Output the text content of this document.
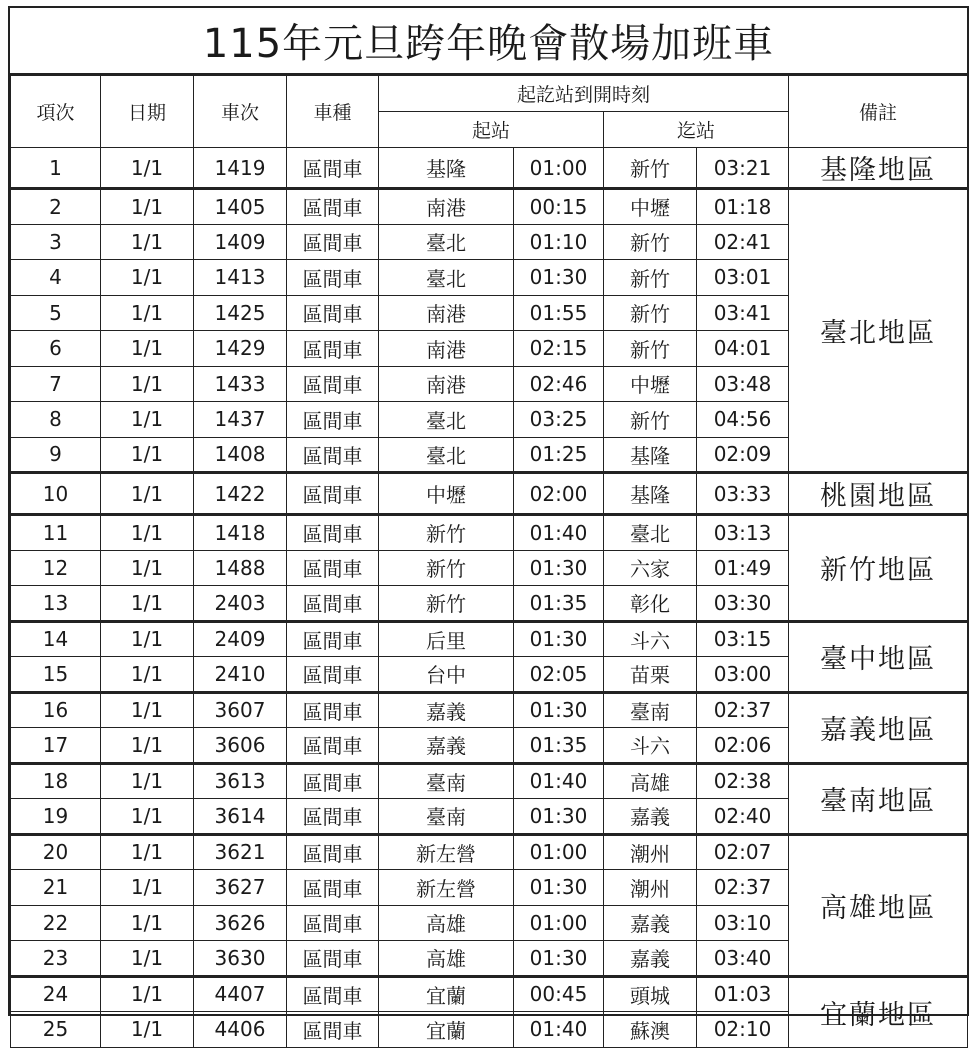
115年元旦跨年晚會散場加班車
項次	日期	車次	車種	起訖站到開時刻				備註
				起站		迄站		
1	1/1	1419	區間車	基隆	01:00	新竹	03:21	基隆地區
2	1/1	1405	區間車	南港	00:15	中壢	01:18	臺北地區
3	1/1	1409	區間車	臺北	01:10	新竹	02:41	
4	1/1	1413	區間車	臺北	01:30	新竹	03:01	
5	1/1	1425	區間車	南港	01:55	新竹	03:41	
6	1/1	1429	區間車	南港	02:15	新竹	04:01	
7	1/1	1433	區間車	南港	02:46	中壢	03:48	
8	1/1	1437	區間車	臺北	03:25	新竹	04:56	
9	1/1	1408	區間車	臺北	01:25	基隆	02:09	
10	1/1	1422	區間車	中壢	02:00	基隆	03:33	桃園地區
11	1/1	1418	區間車	新竹	01:40	臺北	03:13	新竹地區
12	1/1	1488	區間車	新竹	01:30	六家	01:49	
13	1/1	2403	區間車	新竹	01:35	彰化	03:30	
14	1/1	2409	區間車	后里	01:30	斗六	03:15	臺中地區
15	1/1	2410	區間車	台中	02:05	苗栗	03:00	
16	1/1	3607	區間車	嘉義	01:30	臺南	02:37	嘉義地區
17	1/1	3606	區間車	嘉義	01:35	斗六	02:06	
18	1/1	3613	區間車	臺南	01:40	高雄	02:38	臺南地區
19	1/1	3614	區間車	臺南	01:30	嘉義	02:40	
20	1/1	3621	區間車	新左營	01:00	潮州	02:07	高雄地區
21	1/1	3627	區間車	新左營	01:30	潮州	02:37	
22	1/1	3626	區間車	高雄	01:00	嘉義	03:10	
23	1/1	3630	區間車	高雄	01:30	嘉義	03:40	
24	1/1	4407	區間車	宜蘭	00:45	頭城	01:03	宜蘭地區
25	1/1	4406	區間車	宜蘭	01:40	蘇澳	02:10	
